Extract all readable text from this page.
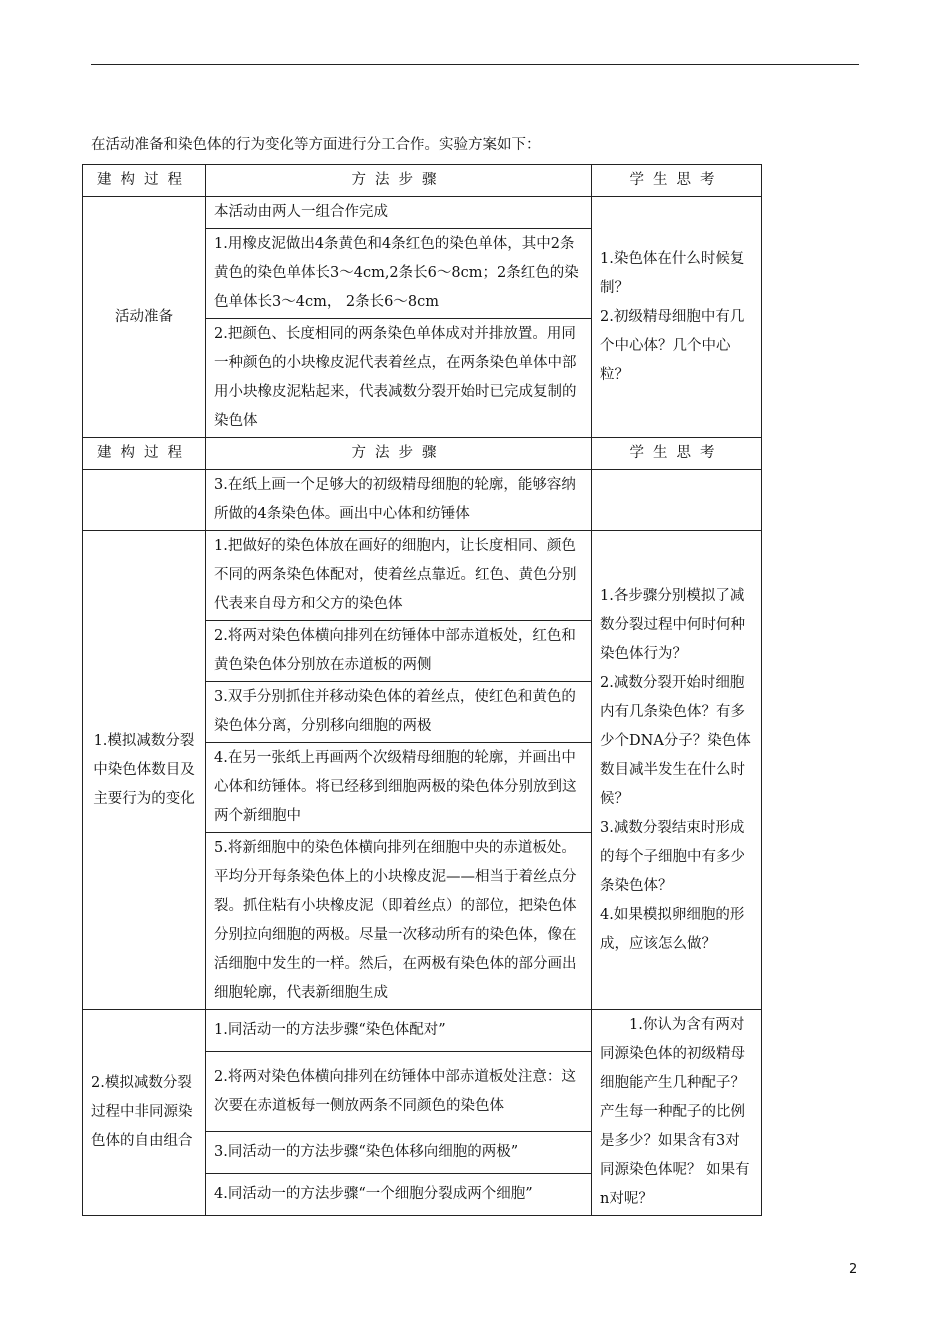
在活动准备和染色体的行为变化等方面进行分工合作。实验方案如下：
建构过程	方法步骤	学生思考
活动准备	本活动由两人一组合作完成	1.染色体在什么时候复制？
2.初级精母细胞中有几个中心体？几个中心粒？

	1.用橡皮泥做出4条黄色和4条红色的染色单体，其中2条黄色的染色单体长3～4cm,2条长6～8cm；2条红色的染色单体长3～4cm， 2条长6～8cm	
	2.把颜色、长度相同的两条染色单体成对并排放置。用同一种颜色的小块橡皮泥代表着丝点，在两条染色单体中部用小块橡皮泥粘起来，代表减数分裂开始时已完成复制的染色体	
建构过程	方法步骤	学生思考
	3.在纸上画一个足够大的初级精母细胞的轮廓，能够容纳所做的4条染色体。画出中心体和纺锤体	
1.模拟减数分裂中染色体数目及主要行为的变化	1.把做好的染色体放在画好的细胞内，让长度相同、颜色不同的两条染色体配对，使着丝点靠近。红色、黄色分别代表来自母方和父方的染色体	1.各步骤分别模拟了减数分裂过程中何时何种染色体行为？
2.减数分裂开始时细胞内有几条染色体？有多少个DNA分子？染色体数目减半发生在什么时候？
3.减数分裂结束时形成的每个子细胞中有多少条染色体？
4.如果模拟卵细胞的形成，应该怎么做？

	2.将两对染色体横向排列在纺锤体中部赤道板处，红色和黄色染色体分别放在赤道板的两侧	
	3.双手分别抓住并移动染色体的着丝点，使红色和黄色的染色体分离，分别移向细胞的两极	
	4.在另一张纸上再画两个次级精母细胞的轮廓，并画出中心体和纺锤体。将已经移到细胞两极的染色体分别放到这两个新细胞中	
	5.将新细胞中的染色体横向排列在细胞中央的赤道板处。平均分开每条染色体上的小块橡皮泥——相当于着丝点分裂。抓住粘有小块橡皮泥（即着丝点）的部位，把染色体分别拉向细胞的两极。尽量一次移动所有的染色体，像在活细胞中发生的一样。然后，在两极有染色体的部分画出细胞轮廓，代表新细胞生成	
2.模拟减数分裂过程中非同源染色体的自由组合	1.同活动一的方法步骤“染色体配对”	1.你认为含有两对同源染色体的初级精母细胞能产生几种配子？产生每一种配子的比例是多少？如果含有3对同源染色体呢？ 如果有n对呢？

	2.将两对染色体横向排列在纺锤体中部赤道板处注意：这次要在赤道板每一侧放两条不同颜色的染色体	
	3.同活动一的方法步骤“染色体移向细胞的两极”	
	4.同活动一的方法步骤“一个细胞分裂成两个细胞”	
2
